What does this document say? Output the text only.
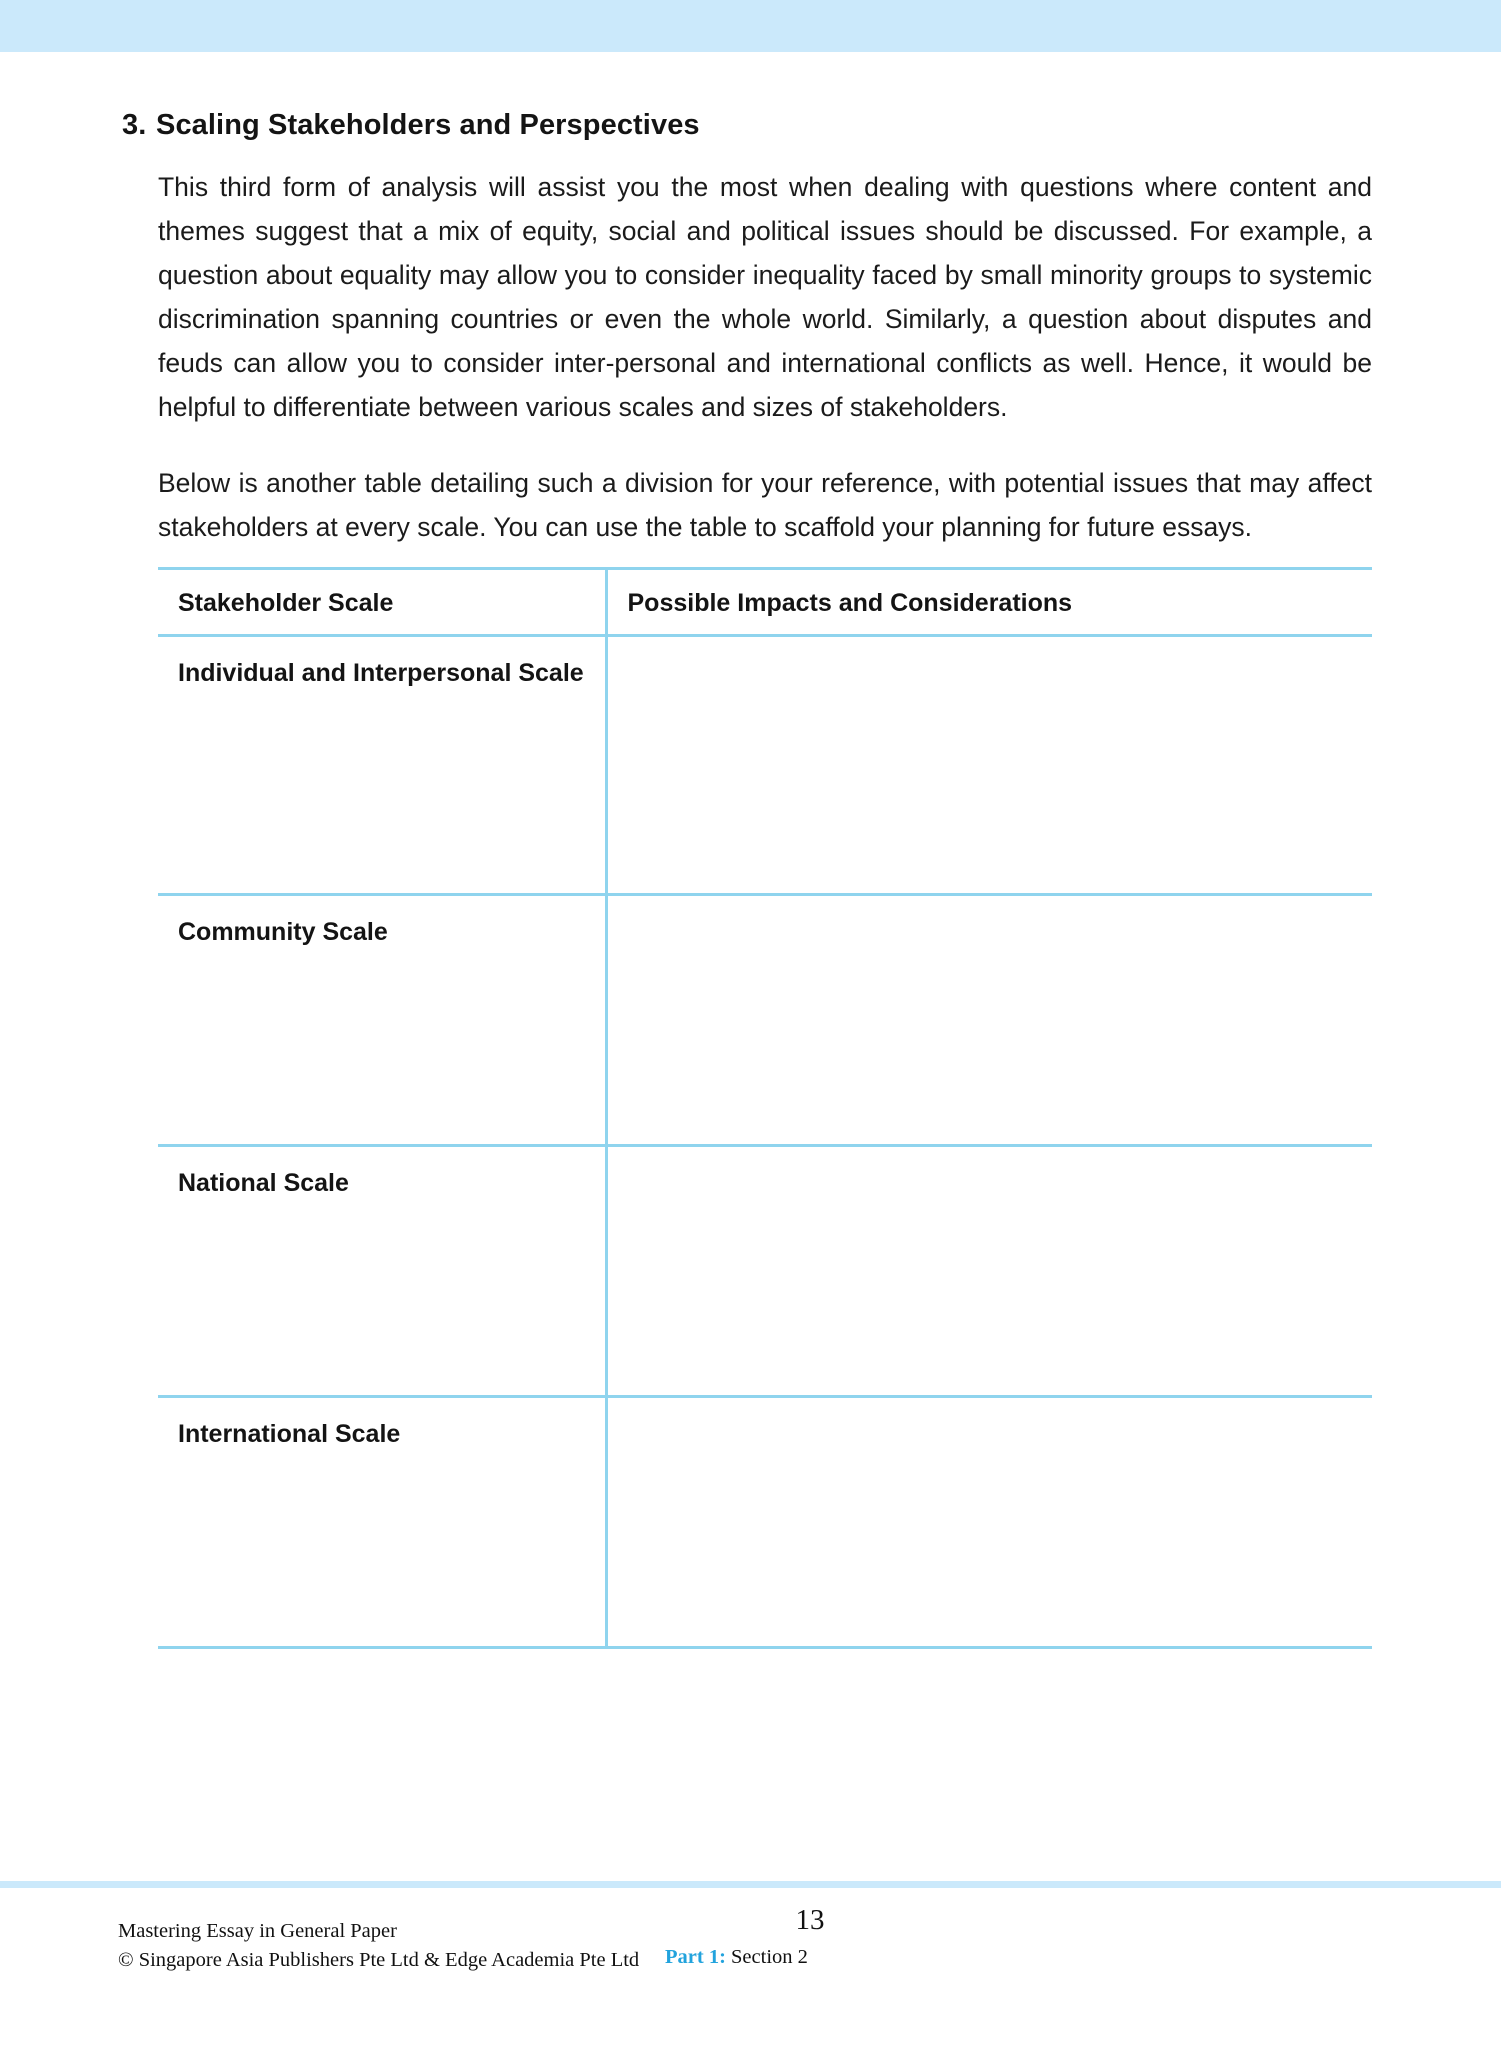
3. Scaling Stakeholders and Perspectives

This third form of analysis will assist you the most when dealing with questions where content and themes suggest that a mix of equity, social and political issues should be discussed. For example, a question about equality may allow you to consider inequality faced by small minority groups to systemic discrimination spanning countries or even the whole world. Similarly, a question about disputes and feuds can allow you to consider inter-personal and international conflicts as well. Hence, it would be helpful to differentiate between various scales and sizes of stakeholders.

Below is another table detailing such a division for your reference, with potential issues that may affect stakeholders at every scale. You can use the table to scaffold your planning for future essays.

Stakeholder Scale	Possible Impacts and Considerations
Individual and Interpersonal Scale	
Community Scale	
National Scale	
International Scale	
Mastering Essay in General Paper
© Singapore Asia Publishers Pte Ltd & Edge Academia Pte Ltd
13
Part 1: Section 2
